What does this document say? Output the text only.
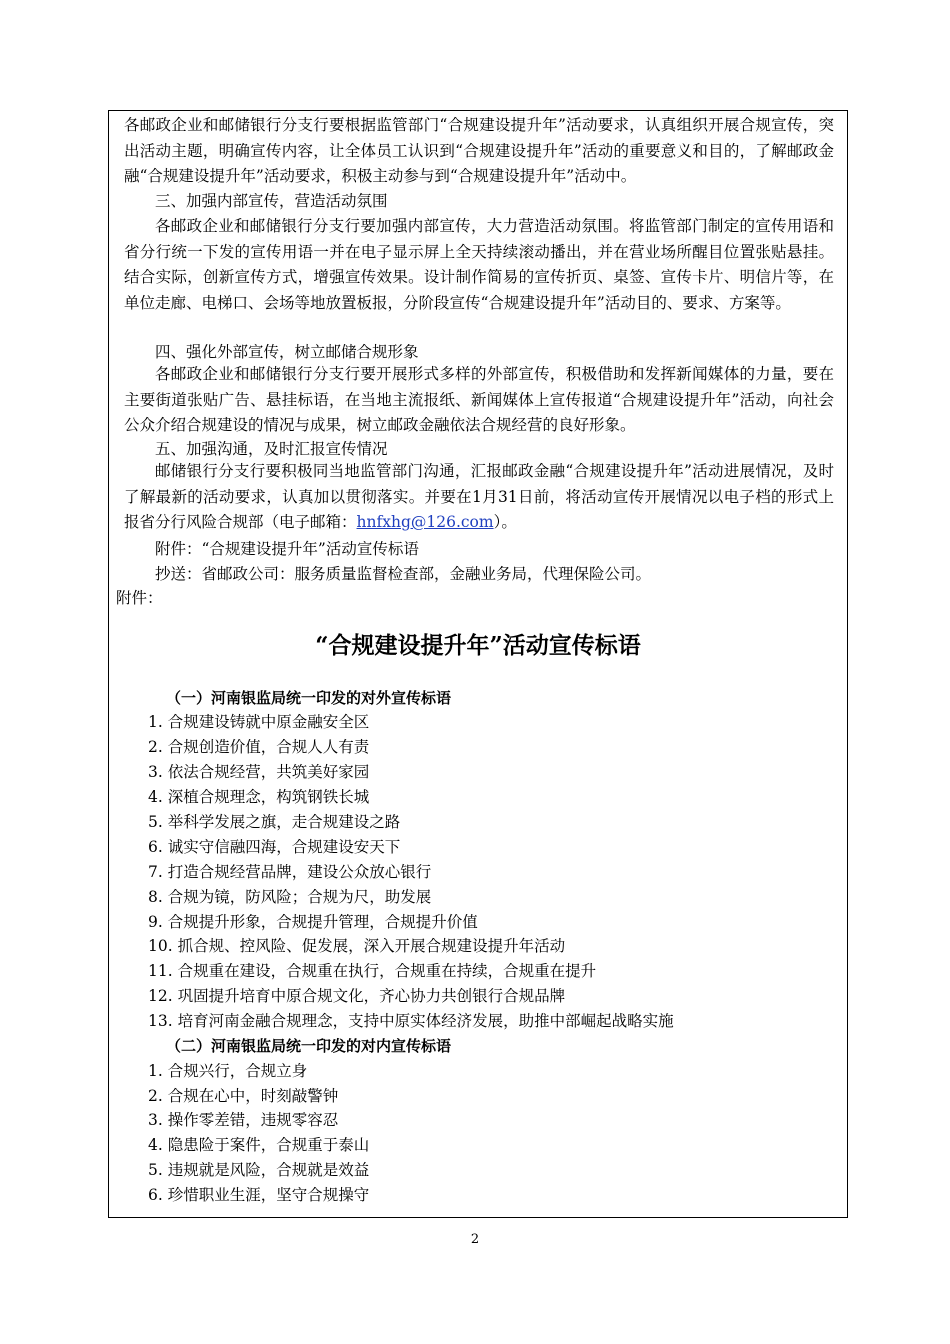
各邮政企业和邮储银行分支行要根据监管部门“合规建设提升年”活动要求，认真组织开展合规宣传，突出活动主题，明确宣传内容，让全体员工认识到“合规建设提升年”活动的重要意义和目的，了解邮政金融“合规建设提升年”活动要求，积极主动参与到“合规建设提升年”活动中。
三、加强内部宣传，营造活动氛围
各邮政企业和邮储银行分支行要加强内部宣传，大力营造活动氛围。将监管部门制定的宣传用语和省分行统一下发的宣传用语一并在电子显示屏上全天持续滚动播出，并在营业场所醒目位置张贴悬挂。结合实际，创新宣传方式，增强宣传效果。设计制作简易的宣传折页、桌签、宣传卡片、明信片等，在单位走廊、电梯口、会场等地放置板报，分阶段宣传“合规建设提升年”活动目的、要求、方案等。
四、强化外部宣传，树立邮储合规形象
各邮政企业和邮储银行分支行要开展形式多样的外部宣传，积极借助和发挥新闻媒体的力量，要在主要街道张贴广告、悬挂标语，在当地主流报纸、新闻媒体上宣传报道“合规建设提升年”活动，向社会公众介绍合规建设的情况与成果，树立邮政金融依法合规经营的良好形象。
五、加强沟通，及时汇报宣传情况
邮储银行分支行要积极同当地监管部门沟通，汇报邮政金融“合规建设提升年”活动进展情况，及时了解最新的活动要求，认真加以贯彻落实。并要在1月31日前，将活动宣传开展情况以电子档的形式上报省分行风险合规部（电子邮箱：hnfxhg@126.com）。
附件：“合规建设提升年”活动宣传标语
抄送：省邮政公司：服务质量监督检查部，金融业务局，代理保险公司。
附件：
“合规建设提升年”活动宣传标语
（一）河南银监局统一印发的对外宣传标语
1. 合规建设铸就中原金融安全区
2. 合规创造价值，合规人人有责
3. 依法合规经营，共筑美好家园
4. 深植合规理念，构筑钢铁长城
5. 举科学发展之旗，走合规建设之路
6. 诚实守信融四海，合规建设安天下
7. 打造合规经营品牌，建设公众放心银行
8. 合规为镜，防风险；合规为尺，助发展
9. 合规提升形象，合规提升管理，合规提升价值
10. 抓合规、控风险、促发展，深入开展合规建设提升年活动
11. 合规重在建设，合规重在执行，合规重在持续，合规重在提升
12. 巩固提升培育中原合规文化，齐心协力共创银行合规品牌
13. 培育河南金融合规理念，支持中原实体经济发展，助推中部崛起战略实施
（二）河南银监局统一印发的对内宣传标语
1. 合规兴行，合规立身
2. 合规在心中，时刻敲警钟
3. 操作零差错，违规零容忍
4. 隐患险于案件，合规重于泰山
5. 违规就是风险，合规就是效益
6. 珍惜职业生涯，坚守合规操守
2
